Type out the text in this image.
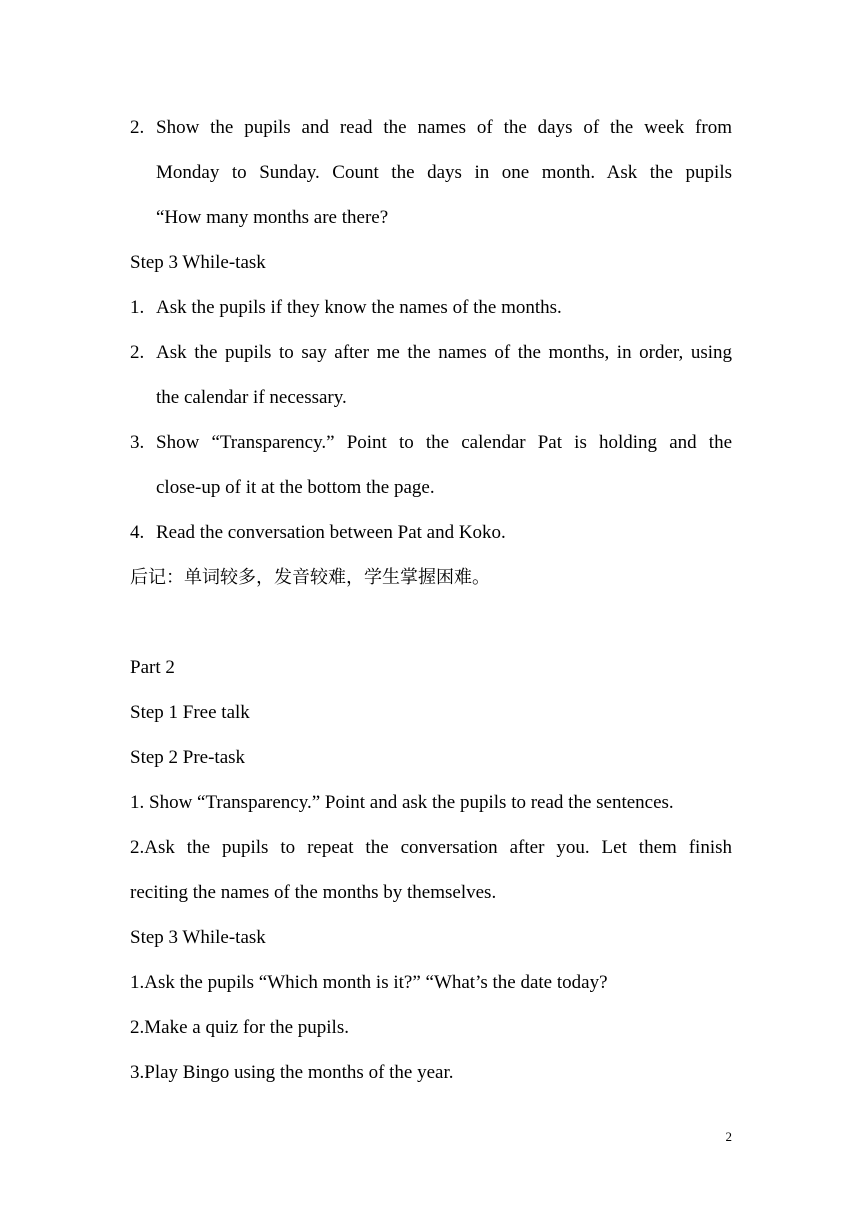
2. Show the pupils and read the names of the days of the week from
Monday to Sunday. Count the days in one month. Ask the pupils
“How many months are there?
Step 3 While-task
1. Ask the pupils if they know the names of the months.
2. Ask the pupils to say after me the names of the months, in order, using
the calendar if necessary.
3. Show “Transparency.” Point to the calendar Pat is holding and the
close-up of it at the bottom the page.
4. Read the conversation between Pat and Koko.
后记：单词较多，发音较难，学生掌握困难。
Part 2
Step 1 Free talk
Step 2 Pre-task
1. Show “Transparency.” Point and ask the pupils to read the sentences.
2.Ask the pupils to repeat the conversation after you. Let them finish
reciting the names of the months by themselves.
Step 3 While-task
1.Ask the pupils “Which month is it?” “What’s the date today?
2.Make a quiz for the pupils.
3.Play Bingo using the months of the year.
2
